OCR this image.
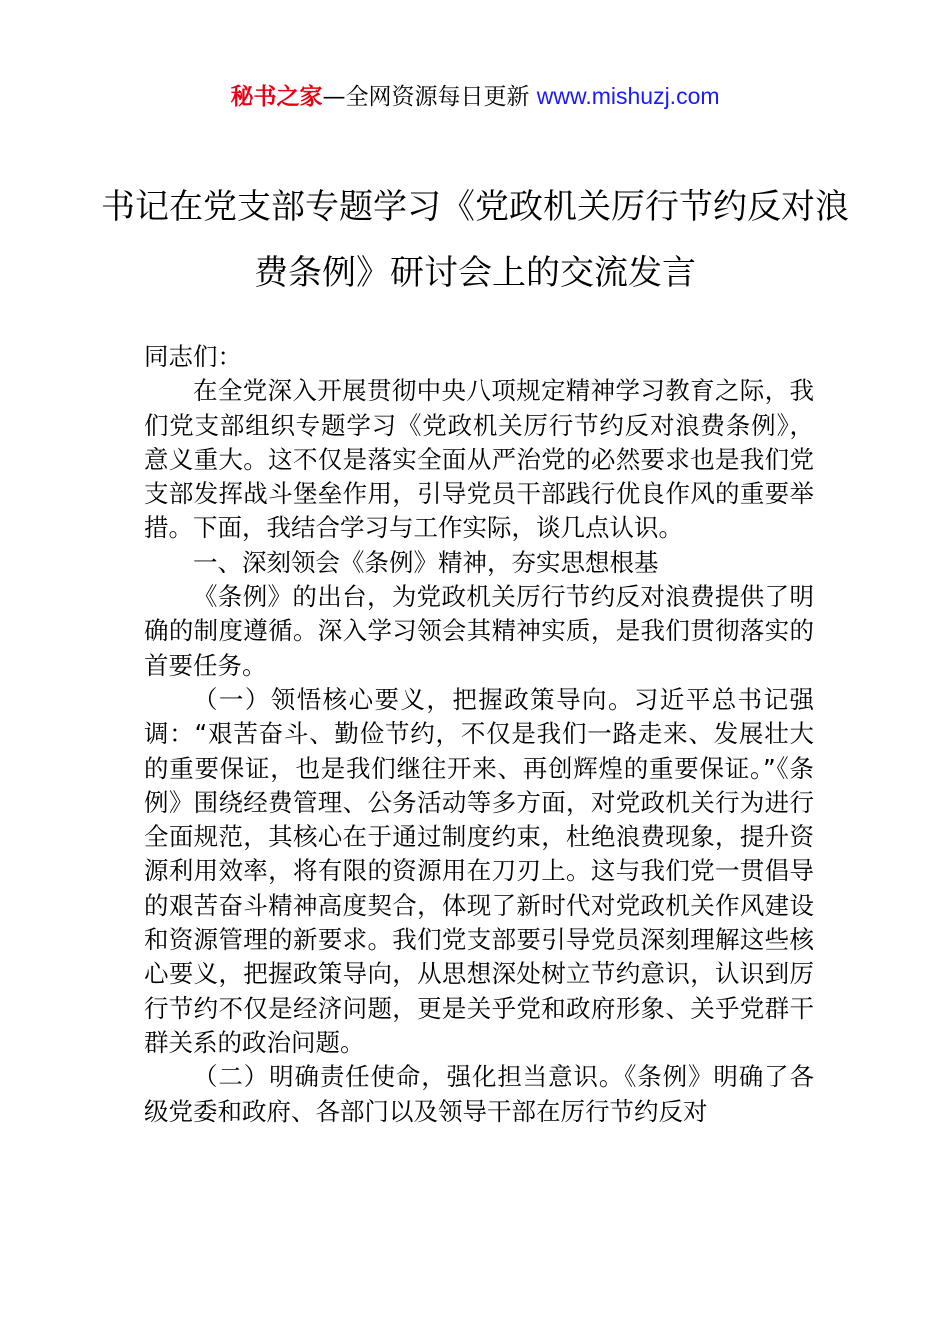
秘书之家—全网资源每日更新 www.mishuzj.com
书记在党支部专题学习《党政机关厉行节约反对浪费条例》研讨会上的交流发言

同志们：

在全党深入开展贯彻中央八项规定精神学习教育之际，我们党支部组织专题学习《党政机关厉行节约反对浪费条例》，意义重大。这不仅是落实全面从严治党的必然要求也是我们党支部发挥战斗堡垒作用，引导党员干部践行优良作风的重要举措。下面，我结合学习与工作实际，谈几点认识。

一、深刻领会《条例》精神，夯实思想根基

《条例》的出台，为党政机关厉行节约反对浪费提供了明确的制度遵循。深入学习领会其精神实质，是我们贯彻落实的首要任务。

（一）领悟核心要义，把握政策导向。习近平总书记强调：“艰苦奋斗、勤俭节约，不仅是我们一路走来、发展壮大的重要保证，也是我们继往开来、再创辉煌的重要保证。”《条例》围绕经费管理、公务活动等多方面，对党政机关行为进行全面规范，其核心在于通过制度约束，杜绝浪费现象，提升资源利用效率，将有限的资源用在刀刃上。这与我们党一贯倡导的艰苦奋斗精神高度契合，体现了新时代对党政机关作风建设和资源管理的新要求。我们党支部要引导党员深刻理解这些核心要义，把握政策导向，从思想深处树立节约意识，认识到厉行节约不仅是经济问题，更是关乎党和政府形象、关乎党群干群关系的政治问题。

（二）明确责任使命，强化担当意识。《条例》明确了各级党委和政府、各部门以及领导干部在厉行节约反对
